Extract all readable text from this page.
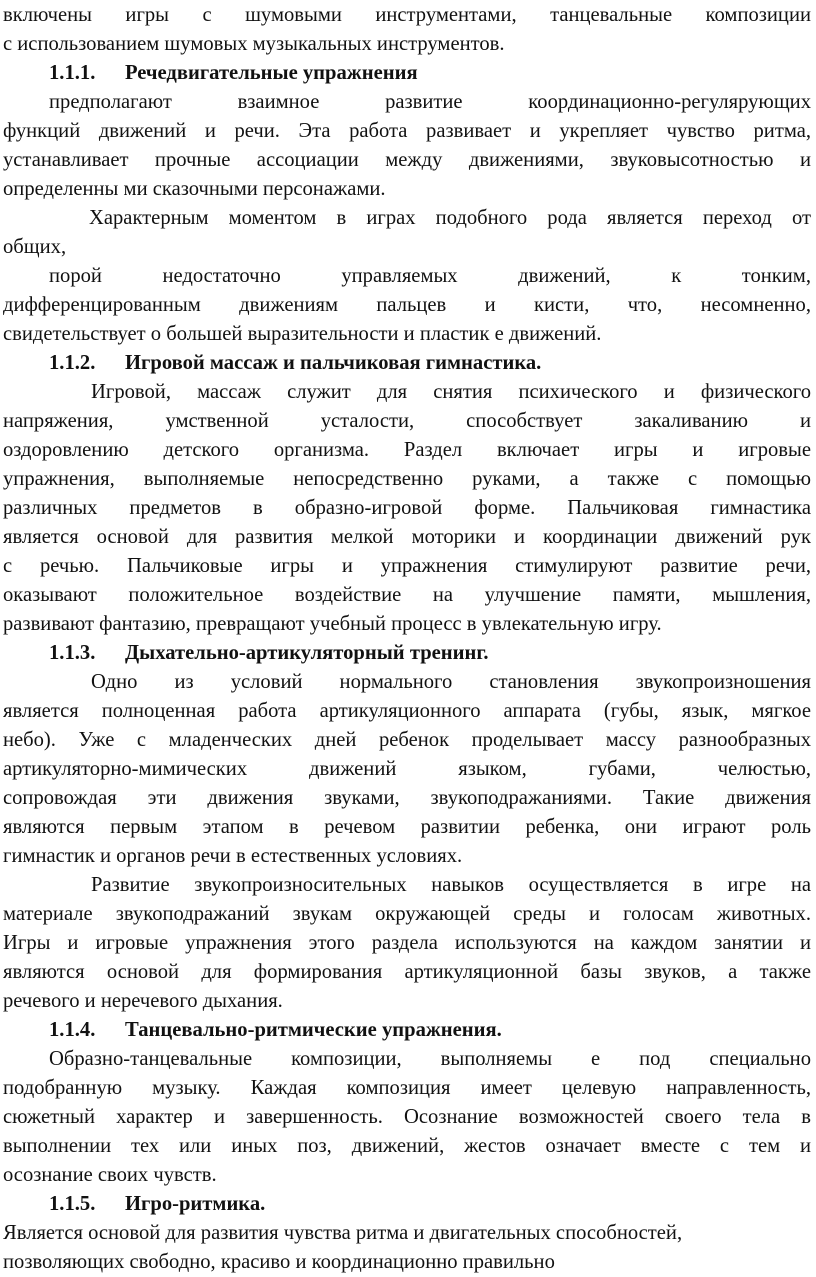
включены игры с шумовыми инструментами, танцевальные композиции
с использованием шумовых музыкальных инструментов.
1.1.1. Речедвигательные упражнения
предполагают взаимное развитие координационно-регулярующих
функций движений и речи. Эта работа развивает и укрепляет чувство ритма,
устанавливает прочные ассоциации между движениями, звуковысотностью и
определенны ми сказочными персонажами.
Характерным моментом в играх подобного рода является переход от
общих,
порой недостаточно управляемых движений, к тонким,
дифференцированным движениям пальцев и кисти, что, несомненно,
свидетельствует о большей выразительности и пластик е движений.
1.1.2. Игровой массаж и пальчиковая гимнастика.
Игровой, массаж служит для снятия психического и физического
напряжения, умственной усталости, способствует закаливанию и
оздоровлению детского организма. Раздел включает игры и игровые
упражнения, выполняемые непосредственно руками, а также с помощью
различных предметов в образно-игровой форме. Пальчиковая гимнастика
является основой для развития мелкой моторики и координации движений рук
с речью. Пальчиковые игры и упражнения стимулируют развитие речи,
оказывают положительное воздействие на улучшение памяти, мышления,
развивают фантазию, превращают учебный процесс в увлекательную игру.
1.1.3. Дыхательно-артикуляторный тренинг.
Одно из условий нормального становления звукопроизношения
является полноценная работа артикуляционного аппарата (губы, язык, мягкое
небо). Уже с младенческих дней ребенок проделывает массу разнообразных
артикуляторно-мимических движений языком, губами, челюстью,
сопровождая эти движения звуками, звукоподражаниями. Такие движения
являются первым этапом в речевом развитии ребенка, они играют роль
гимнастик и органов речи в естественных условиях.
Развитие звукопроизносительных навыков осуществляется в игре на
материале звукоподражаний звукам окружающей среды и голосам животных.
Игры и игровые упражнения этого раздела используются на каждом занятии и
являются основой для формирования артикуляционной базы звуков, а также
речевого и неречевого дыхания.
1.1.4. Танцевально-ритмические упражнения.
Образно-танцевальные композиции, выполняемы е под специально
подобранную музыку. Каждая композиция имеет целевую направленность,
сюжетный характер и завершенность. Осознание возможностей своего тела в
выполнении тех или иных поз, движений, жестов означает вместе с тем и
осознание своих чувств.
1.1.5. Игро-ритмика.
Является основой для развития чувства ритма и двигательных способностей,
позволяющих свободно, красиво и координационно правильно
